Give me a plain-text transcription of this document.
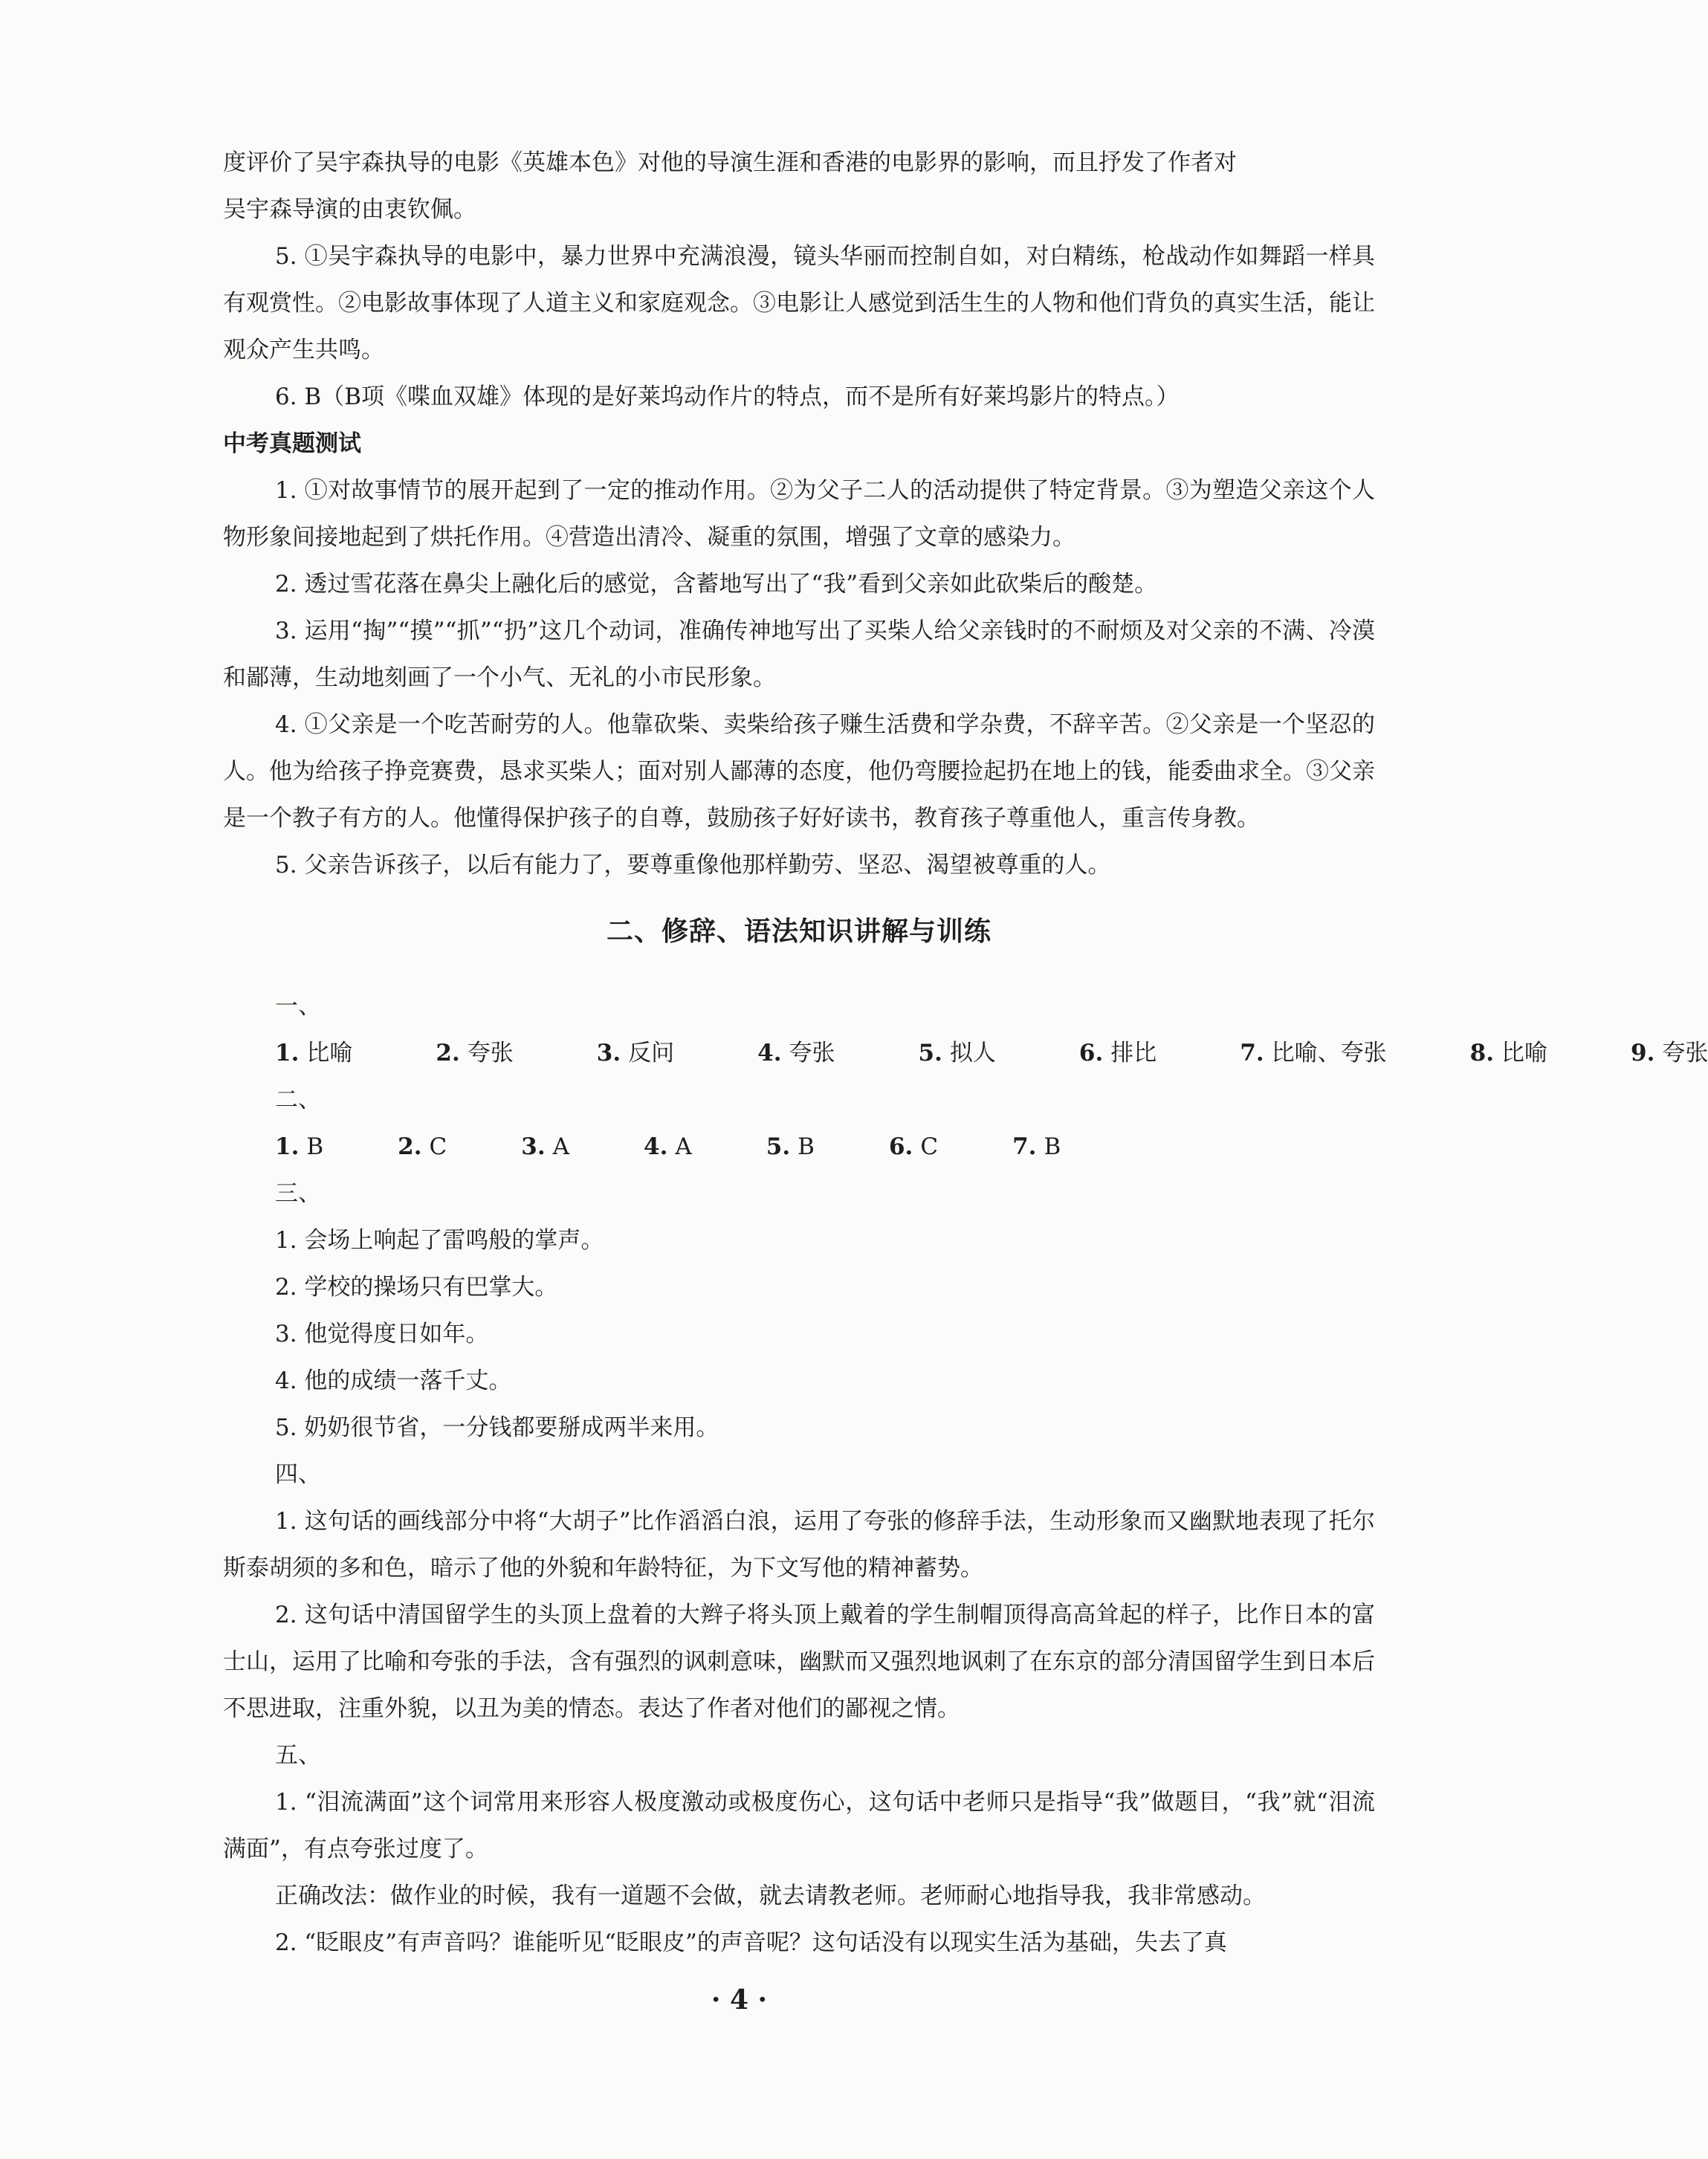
度评价了吴宇森执导的电影《英雄本色》对他的导演生涯和香港的电影界的影响，而且抒发了作者对

吴宇森导演的由衷钦佩。

5. ①吴宇森执导的电影中，暴力世界中充满浪漫，镜头华丽而控制自如，对白精练，枪战动作如舞蹈一样具有观赏性。②电影故事体现了人道主义和家庭观念。③电影让人感觉到活生生的人物和他们背负的真实生活，能让观众产生共鸣。

6. B（B项《喋血双雄》体现的是好莱坞动作片的特点，而不是所有好莱坞影片的特点。）

中考真题测试

1. ①对故事情节的展开起到了一定的推动作用。②为父子二人的活动提供了特定背景。③为塑造父亲这个人物形象间接地起到了烘托作用。④营造出清冷、凝重的氛围，增强了文章的感染力。

2. 透过雪花落在鼻尖上融化后的感觉，含蓄地写出了“我”看到父亲如此砍柴后的酸楚。

3. 运用“掏”“摸”“抓”“扔”这几个动词，准确传神地写出了买柴人给父亲钱时的不耐烦及对父亲的不满、冷漠和鄙薄，生动地刻画了一个小气、无礼的小市民形象。

4. ①父亲是一个吃苦耐劳的人。他靠砍柴、卖柴给孩子赚生活费和学杂费，不辞辛苦。②父亲是一个坚忍的人。他为给孩子挣竞赛费，恳求买柴人；面对别人鄙薄的态度，他仍弯腰捡起扔在地上的钱，能委曲求全。③父亲是一个教子有方的人。他懂得保护孩子的自尊，鼓励孩子好好读书，教育孩子尊重他人，重言传身教。

5. 父亲告诉孩子，以后有能力了，要尊重像他那样勤劳、坚忍、渴望被尊重的人。

二、修辞、语法知识讲解与训练

一、

1. 比喻	2. 夸张	3. 反问	4. 夸张	5. 拟人	6. 排比	7. 比喻、夸张	8. 比喻	9. 夸张

二、

1. B	2. C	3. A	4. A	5. B	6. C	7. B

三、

1. 会场上响起了雷鸣般的掌声。

2. 学校的操场只有巴掌大。

3. 他觉得度日如年。

4. 他的成绩一落千丈。

5. 奶奶很节省，一分钱都要掰成两半来用。

四、

1. 这句话的画线部分中将“大胡子”比作滔滔白浪，运用了夸张的修辞手法，生动形象而又幽默地表现了托尔斯泰胡须的多和色，暗示了他的外貌和年龄特征，为下文写他的精神蓄势。

2. 这句话中清国留学生的头顶上盘着的大辫子将头顶上戴着的学生制帽顶得高高耸起的样子，比作日本的富士山，运用了比喻和夸张的手法，含有强烈的讽刺意味，幽默而又强烈地讽刺了在东京的部分清国留学生到日本后不思进取，注重外貌，以丑为美的情态。表达了作者对他们的鄙视之情。

五、

1. “泪流满面”这个词常用来形容人极度激动或极度伤心，这句话中老师只是指导“我”做题目，“我”就“泪流满面”，有点夸张过度了。

正确改法：做作业的时候，我有一道题不会做，就去请教老师。老师耐心地指导我，我非常感动。

2. “眨眼皮”有声音吗？谁能听见“眨眼皮”的声音呢？这句话没有以现实生活为基础，失去了真

· 4 ·
